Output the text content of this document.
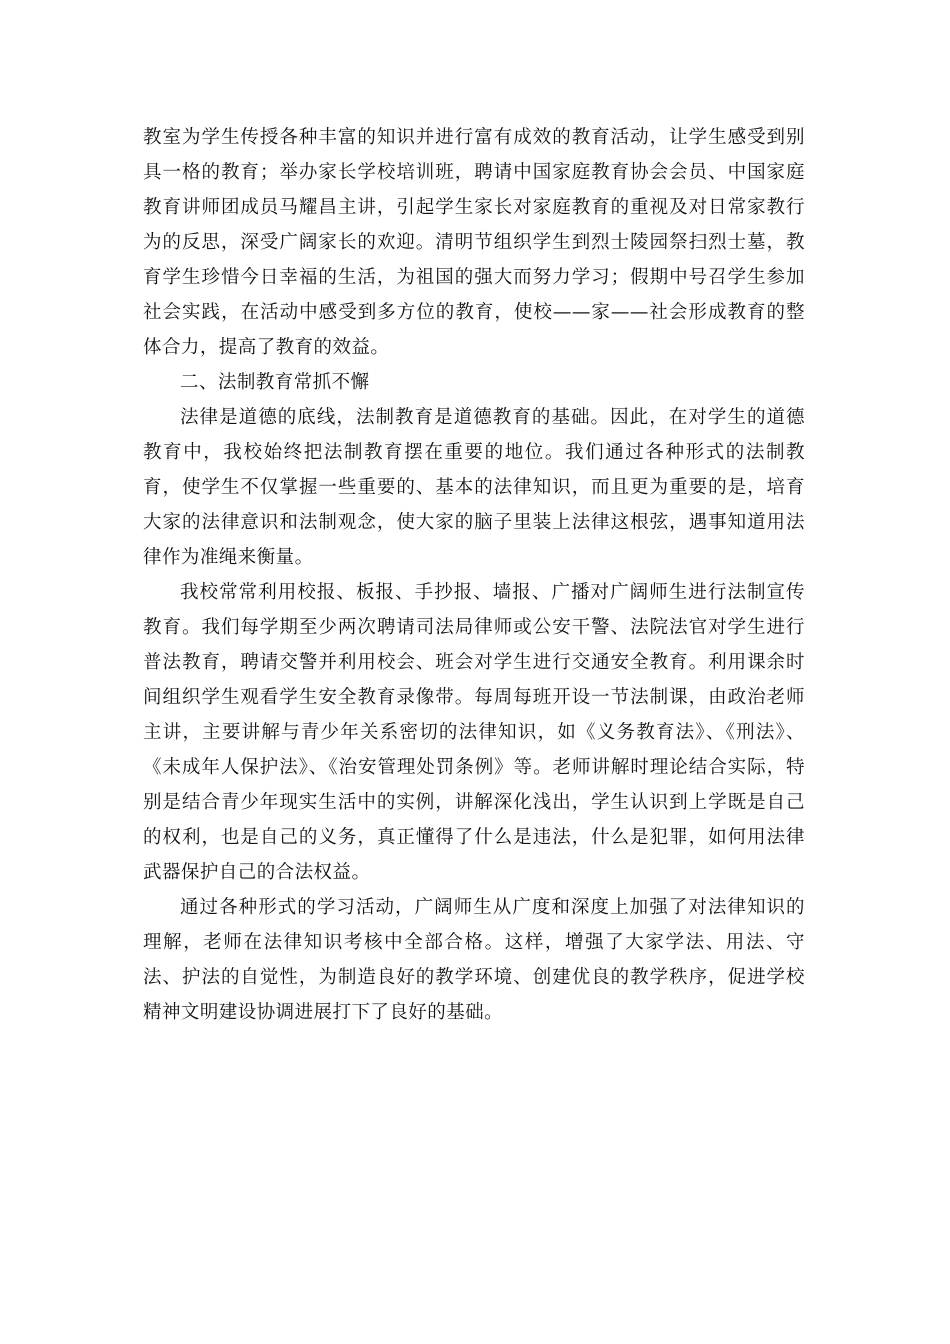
教室为学生传授各种丰富的知识并进行富有成效的教育活动，让学生感受到别具一格的教育；举办家长学校培训班，聘请中国家庭教育协会会员、中国家庭教育讲师团成员马耀昌主讲，引起学生家长对家庭教育的重视及对日常家教行为的反思，深受广阔家长的欢迎。清明节组织学生到烈士陵园祭扫烈士墓，教育学生珍惜今日幸福的生活，为祖国的强大而努力学习；假期中号召学生参加社会实践，在活动中感受到多方位的教育，使校——家——社会形成教育的整体合力，提高了教育的效益。

二、法制教育常抓不懈

法律是道德的底线，法制教育是道德教育的基础。因此，在对学生的道德教育中，我校始终把法制教育摆在重要的地位。我们通过各种形式的法制教育，使学生不仅掌握一些重要的、基本的法律知识，而且更为重要的是，培育大家的法律意识和法制观念，使大家的脑子里装上法律这根弦，遇事知道用法律作为准绳来衡量。

我校常常利用校报、板报、手抄报、墙报、广播对广阔师生进行法制宣传教育。我们每学期至少两次聘请司法局律师或公安干警、法院法官对学生进行普法教育，聘请交警并利用校会、班会对学生进行交通安全教育。利用课余时间组织学生观看学生安全教育录像带。每周每班开设一节法制课，由政治老师主讲，主要讲解与青少年关系密切的法律知识，如《义务教育法》、《刑法》、《未成年人保护法》、《治安管理处罚条例》等。老师讲解时理论结合实际，特别是结合青少年现实生活中的实例，讲解深化浅出，学生认识到上学既是自己的权利，也是自己的义务，真正懂得了什么是违法，什么是犯罪，如何用法律武器保护自己的合法权益。

通过各种形式的学习活动，广阔师生从广度和深度上加强了对法律知识的理解，老师在法律知识考核中全部合格。这样，增强了大家学法、用法、守法、护法的自觉性，为制造良好的教学环境、创建优良的教学秩序，促进学校精神文明建设协调进展打下了良好的基础。
